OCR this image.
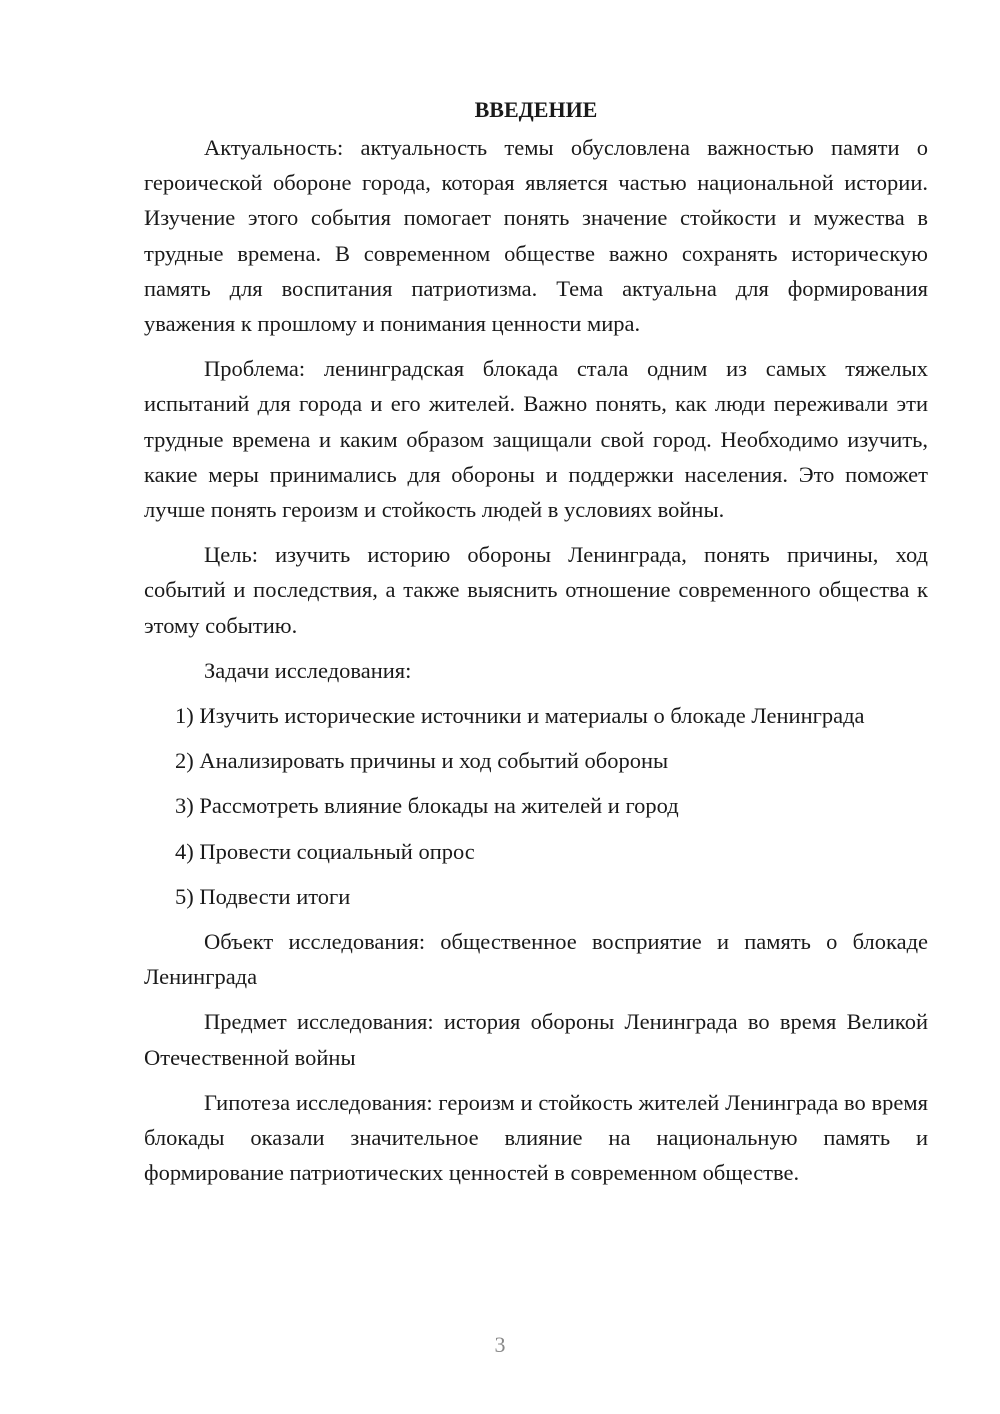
ВВЕДЕНИЕ

Актуальность: актуальность темы обусловлена важностью памяти о героической обороне города, которая является частью национальной истории. Изучение этого события помогает понять значение стойкости и мужества в трудные времена. В современном обществе важно сохранять историческую память для воспитания патриотизма. Тема актуальна для формирования уважения к прошлому и понимания ценности мира.

Проблема: ленинградская блокада стала одним из самых тяжелых испытаний для города и его жителей. Важно понять, как люди переживали эти трудные времена и каким образом защищали свой город. Необходимо изучить, какие меры принимались для обороны и поддержки населения. Это поможет лучше понять героизм и стойкость людей в условиях войны.

Цель: изучить историю обороны Ленинграда, понять причины, ход событий и последствия, а также выяснить отношение современного общества к этому событию.

Задачи исследования:

1) Изучить исторические источники и материалы о блокаде Ленинграда

2) Анализировать причины и ход событий обороны

3) Рассмотреть влияние блокады на жителей и город

4) Провести социальный опрос

5) Подвести итоги

Объект исследования: общественное восприятие и память о блокаде Ленинграда

Предмет исследования: история обороны Ленинграда во время Великой Отечественной войны

Гипотеза исследования: героизм и стойкость жителей Ленинграда во время блокады оказали значительное влияние на национальную память и формирование патриотических ценностей в современном обществе.

3
